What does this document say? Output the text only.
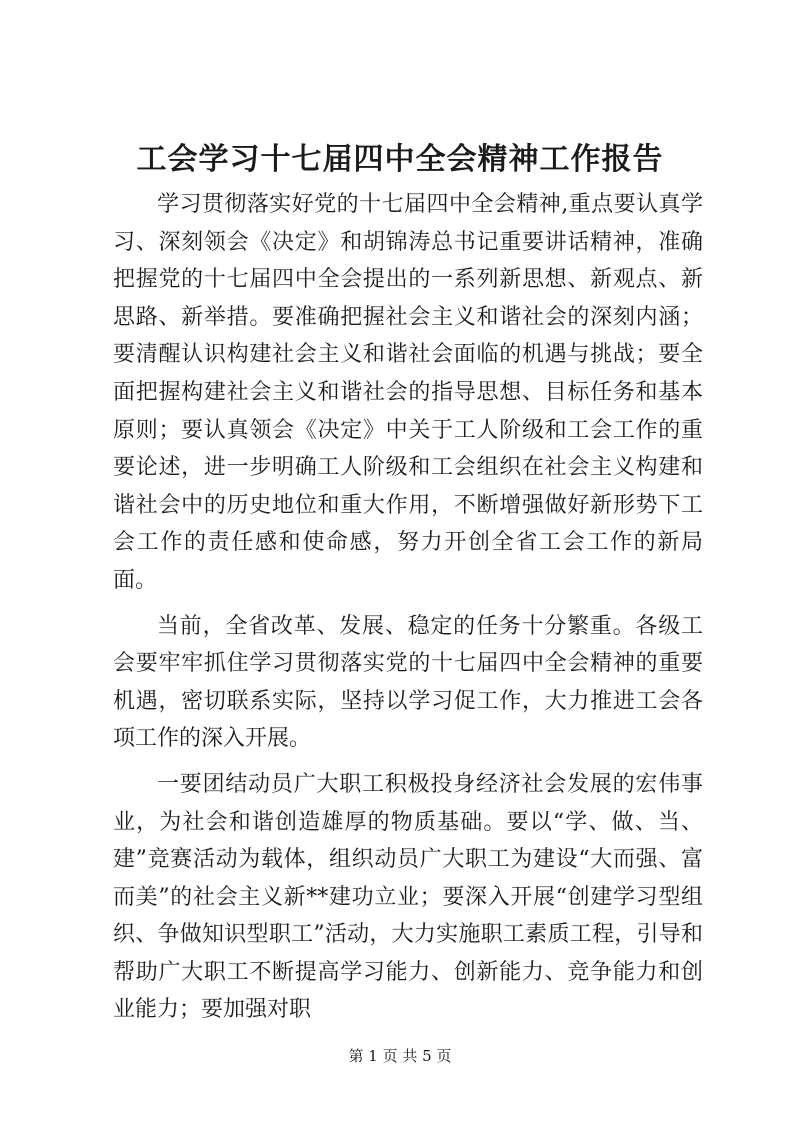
工会学习十七届四中全会精神工作报告

学习贯彻落实好党的十七届四中全会精神,重点要认真学习、深刻领会《决定》和胡锦涛总书记重要讲话精神，准确把握党的十七届四中全会提出的一系列新思想、新观点、新思路、新举措。要准确把握社会主义和谐社会的深刻内涵；要清醒认识构建社会主义和谐社会面临的机遇与挑战；要全面把握构建社会主义和谐社会的指导思想、目标任务和基本原则；要认真领会《决定》中关于工人阶级和工会工作的重要论述，进一步明确工人阶级和工会组织在社会主义构建和谐社会中的历史地位和重大作用，不断增强做好新形势下工会工作的责任感和使命感，努力开创全省工会工作的新局面。

当前，全省改革、发展、稳定的任务十分繁重。各级工会要牢牢抓住学习贯彻落实党的十七届四中全会精神的重要机遇，密切联系实际，坚持以学习促工作，大力推进工会各项工作的深入开展。

一要团结动员广大职工积极投身经济社会发展的宏伟事业，为社会和谐创造雄厚的物质基础。要以“学、做、当、建”竞赛活动为载体，组织动员广大职工为建设“大而强、富而美”的社会主义新**建功立业；要深入开展“创建学习型组织、争做知识型职工”活动，大力实施职工素质工程，引导和帮助广大职工不断提高学习能力、创新能力、竞争能力和创业能力；要加强对职

第 1 页 共 5 页
